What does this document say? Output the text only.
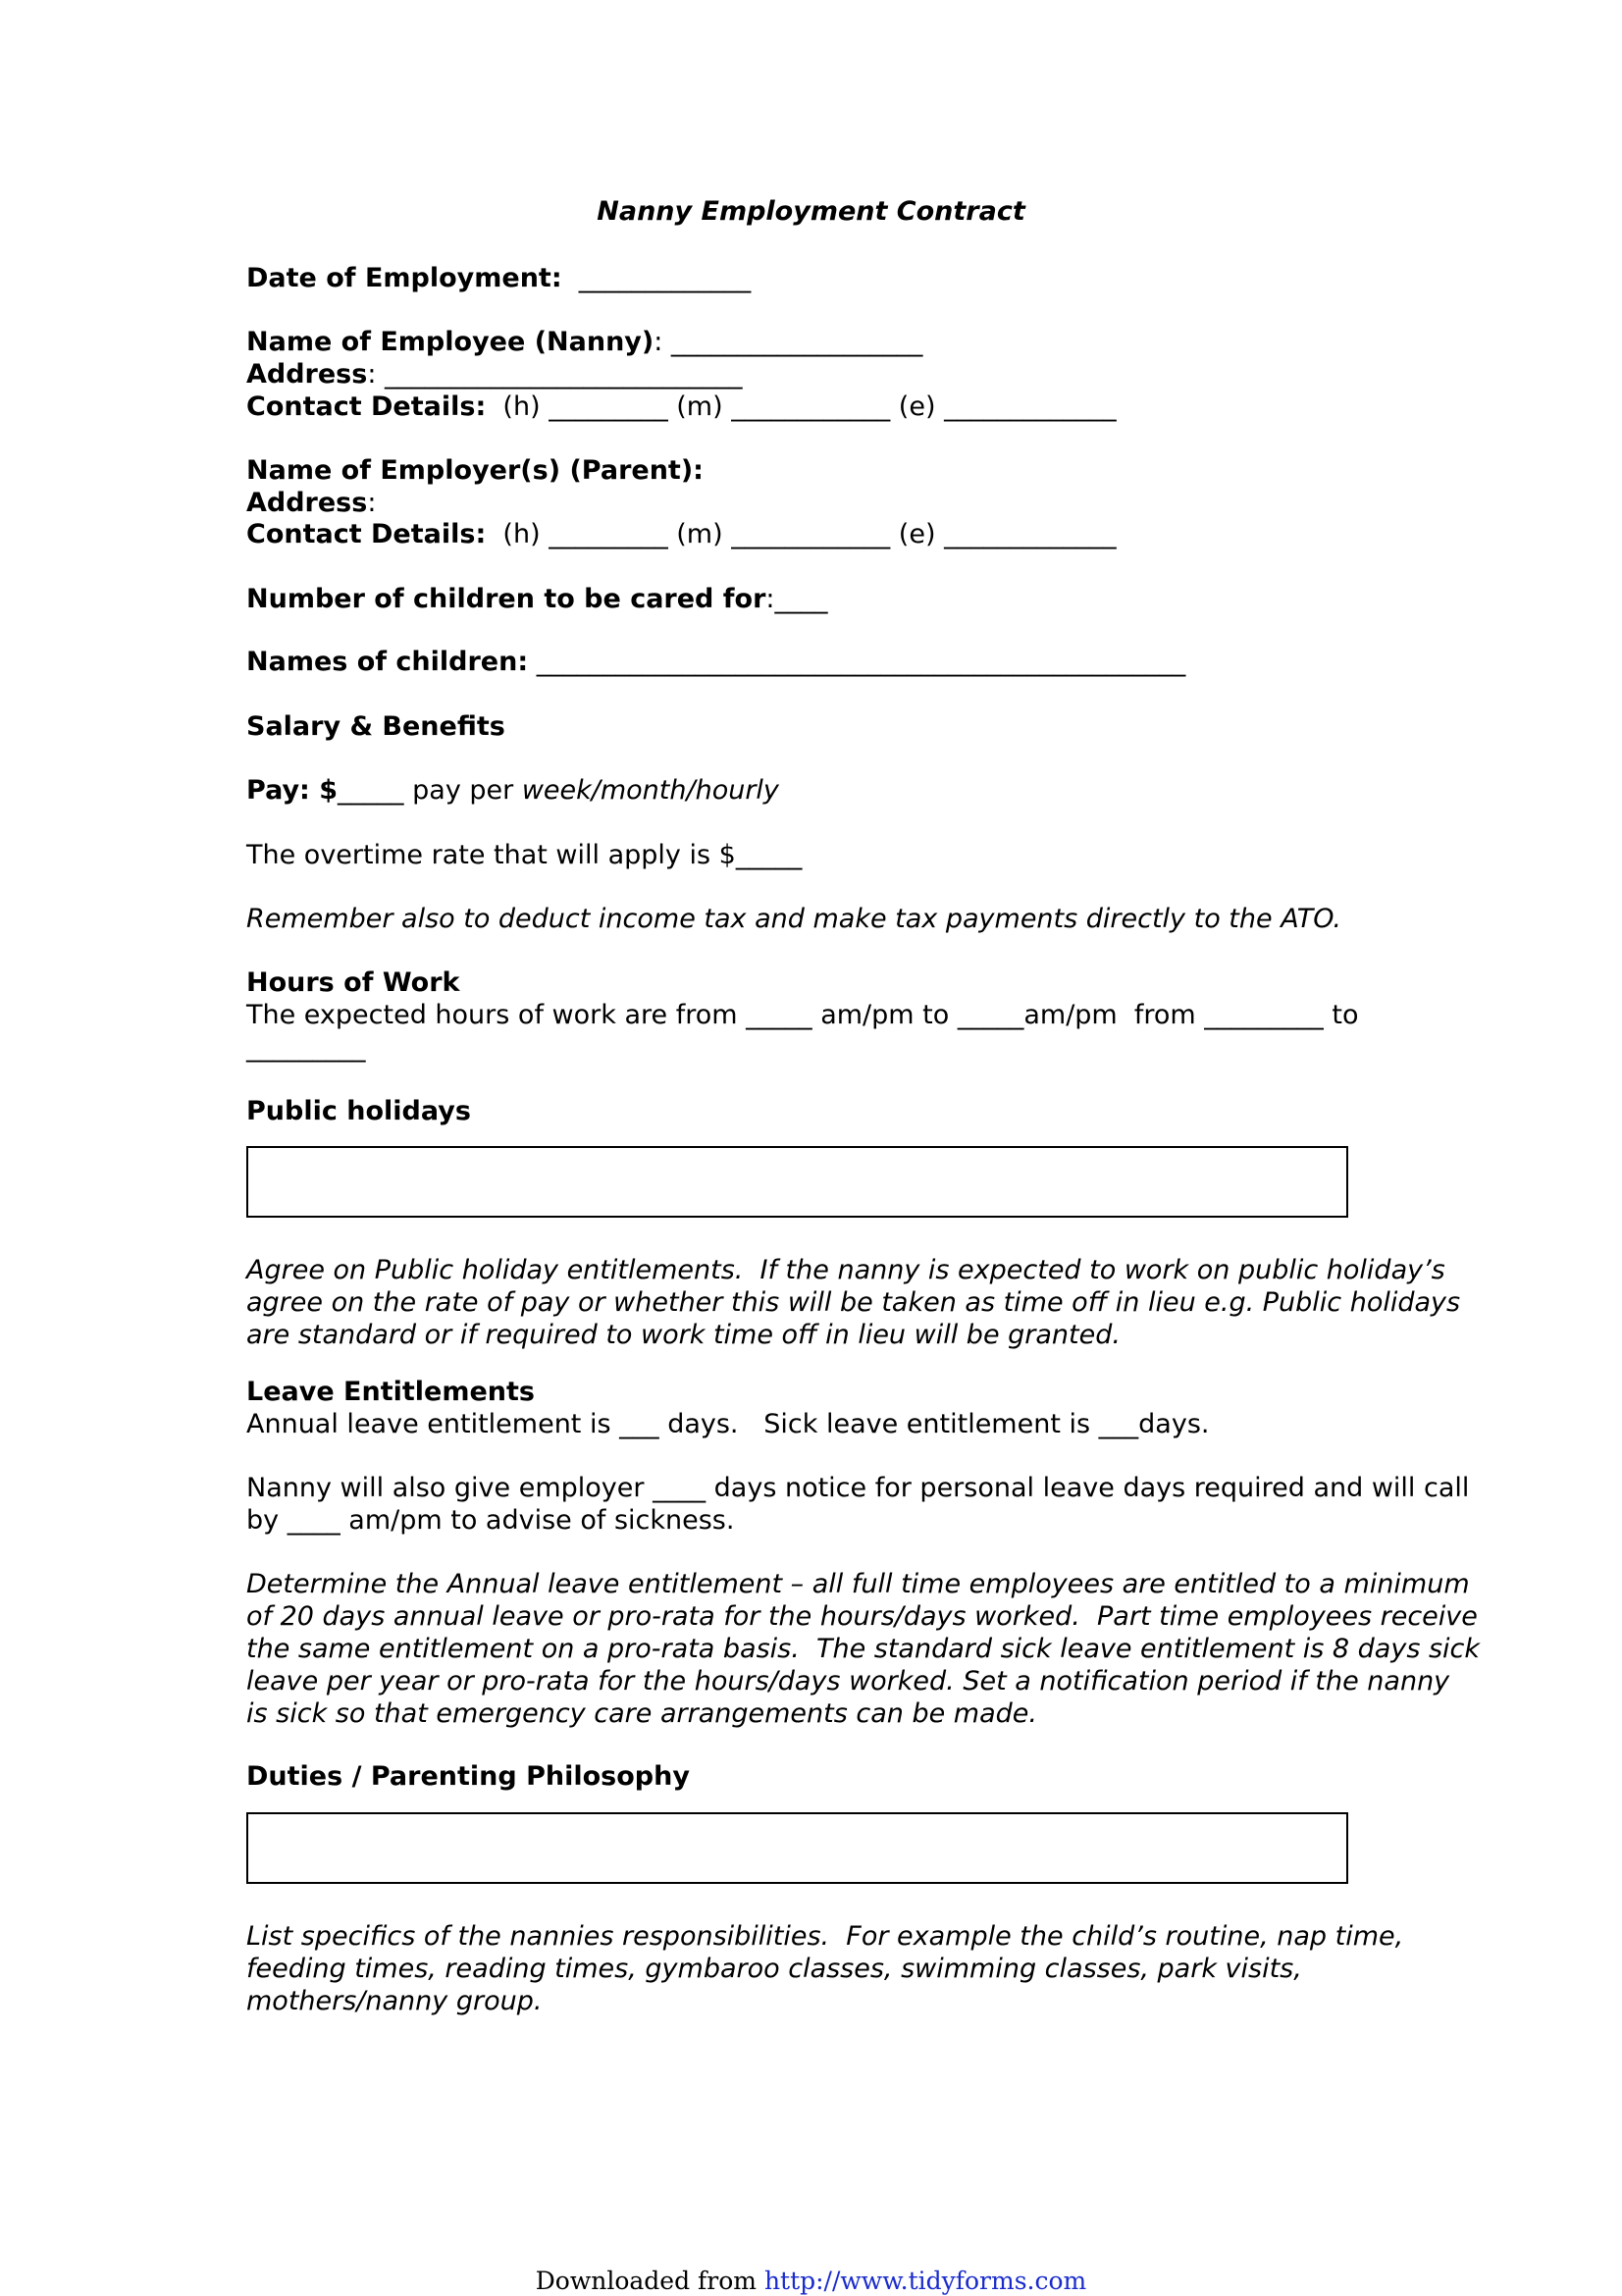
Nanny Employment Contract
Date of Employment:  _____________
Name of Employee (Nanny): ___________________
Address: ___________________________
Contact Details:  (h) _________ (m) ____________ (e) _____________
Name of Employer(s) (Parent):
Address:
Contact Details:  (h) _________ (m) ____________ (e) _____________
Number of children to be cared for:____
Names of children: _________________________________________________
Salary & Benefits
Pay: $_____ pay per week/month/hourly
The overtime rate that will apply is $_____
Remember also to deduct income tax and make tax payments directly to the ATO.
Hours of Work
The expected hours of work are from _____ am/pm to _____am/pm  from _________ to
_________
Public holidays
Agree on Public holiday entitlements.  If the nanny is expected to work on public holiday’s
agree on the rate of pay or whether this will be taken as time off in lieu e.g. Public holidays
are standard or if required to work time off in lieu will be granted.
Leave Entitlements
Annual leave entitlement is ___ days.   Sick leave entitlement is ___days.
Nanny will also give employer ____ days notice for personal leave days required and will call
by ____ am/pm to advise of sickness.
Determine the Annual leave entitlement – all full time employees are entitled to a minimum
of 20 days annual leave or pro-rata for the hours/days worked.  Part time employees receive
the same entitlement on a pro-rata basis.  The standard sick leave entitlement is 8 days sick
leave per year or pro-rata for the hours/days worked. Set a notification period if the nanny
is sick so that emergency care arrangements can be made.
Duties / Parenting Philosophy
List specifics of the nannies responsibilities.  For example the child’s routine, nap time,
feeding times, reading times, gymbaroo classes, swimming classes, park visits,
mothers/nanny group.
Downloaded from http://www.tidyforms.com
